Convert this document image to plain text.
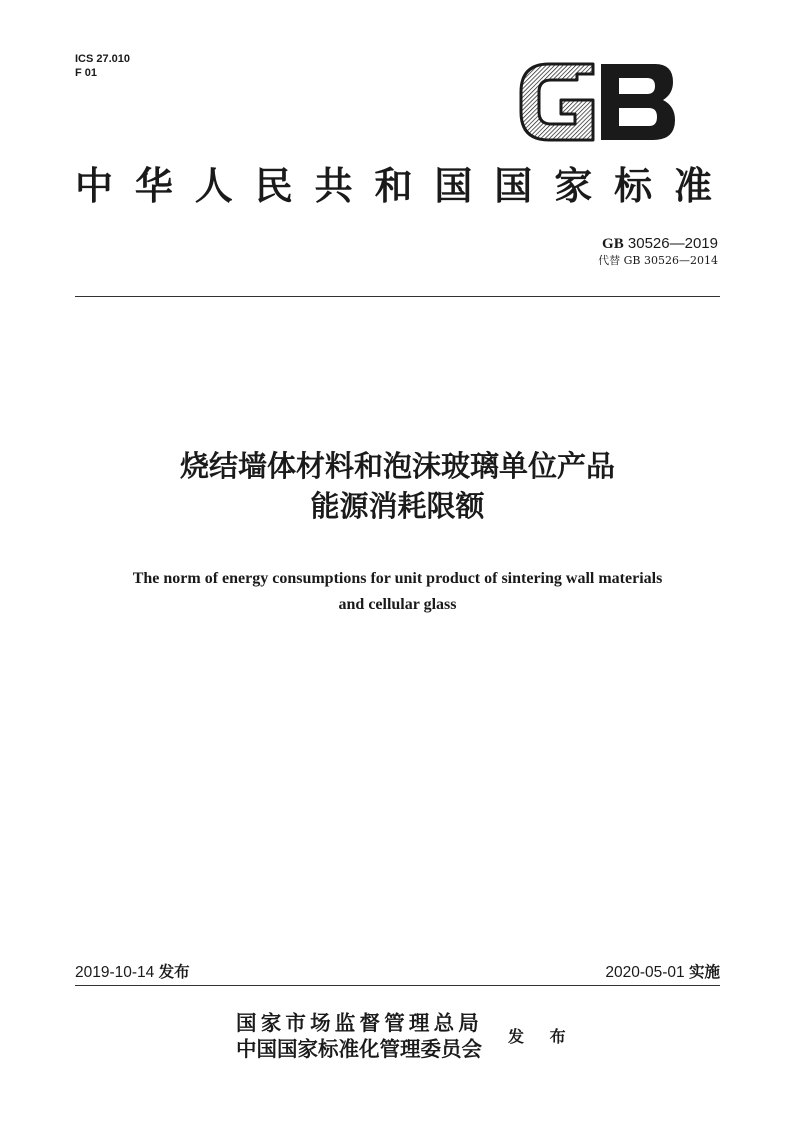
ICS 27.010
F 01
中华人民共和国国家标准
GB 30526—2019
代替 GB 30526—2014
烧结墙体材料和泡沫玻璃单位产品
能源消耗限额
The norm of energy consumptions for unit product of sintering wall materials
and cellular glass
2019-10-14 发布	2020-05-01 实施
国家市场监督管理总局
中国国家标准化管理委员会
发 布
